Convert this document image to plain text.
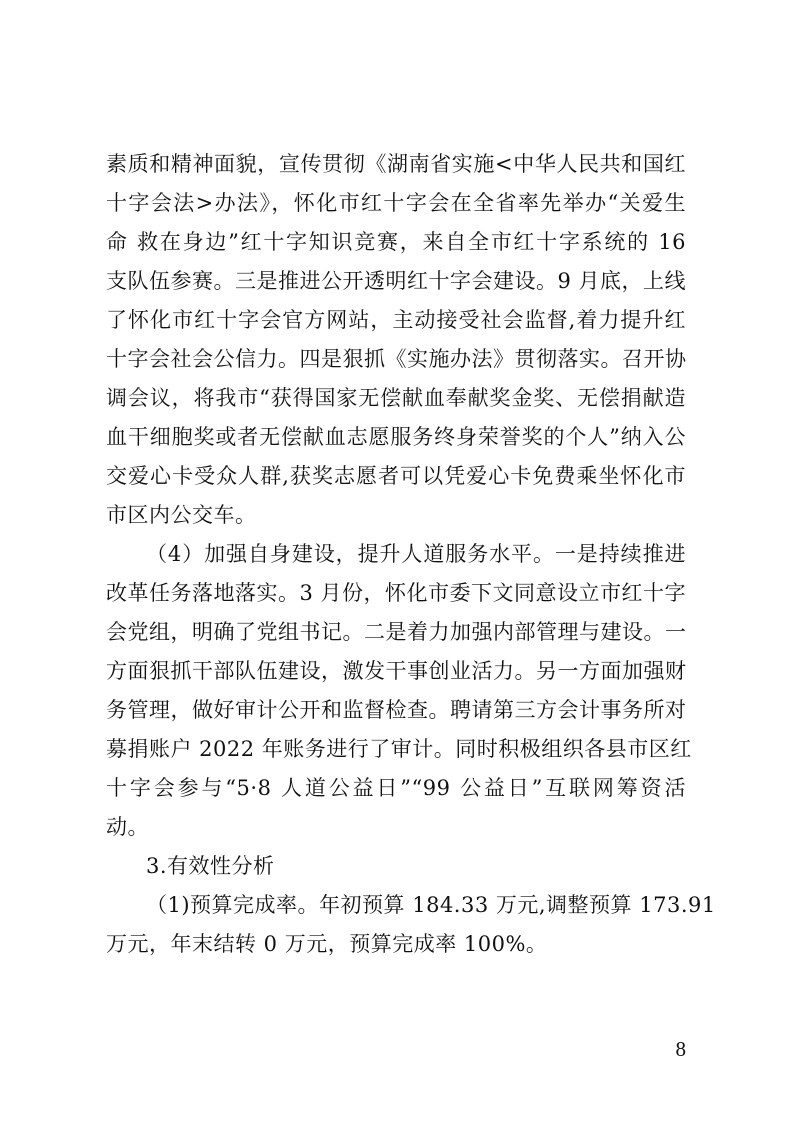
素质和精神面貌，宣传贯彻《湖南省实施<中华人民共和国红
十字会法>办法》，怀化市红十字会在全省率先举办“关爱生
命 救在身边”红十字知识竞赛，来自全市红十字系统的 16
支队伍参赛。三是推进公开透明红十字会建设。9 月底，上线
了怀化市红十字会官方网站，主动接受社会监督,着力提升红
十字会社会公信力。四是狠抓《实施办法》贯彻落实。召开协
调会议，将我市“获得国家无偿献血奉献奖金奖、无偿捐献造
血干细胞奖或者无偿献血志愿服务终身荣誉奖的个人”纳入公
交爱心卡受众人群,获奖志愿者可以凭爱心卡免费乘坐怀化市
市区内公交车。
（4）加强自身建设，提升人道服务水平。一是持续推进
改革任务落地落实。3 月份，怀化市委下文同意设立市红十字
会党组，明确了党组书记。二是着力加强内部管理与建设。一
方面狠抓干部队伍建设，激发干事创业活力。另一方面加强财
务管理，做好审计公开和监督检查。聘请第三方会计事务所对
募捐账户 2022 年账务进行了审计。同时积极组织各县市区红
十字会参与“5·8 人道公益日”“99 公益日”互联网筹资活
动。
3.有效性分析
（1)预算完成率。年初预算 184.33 万元,调整预算 173.91
万元，年末结转 0 万元，预算完成率 100%。
8
